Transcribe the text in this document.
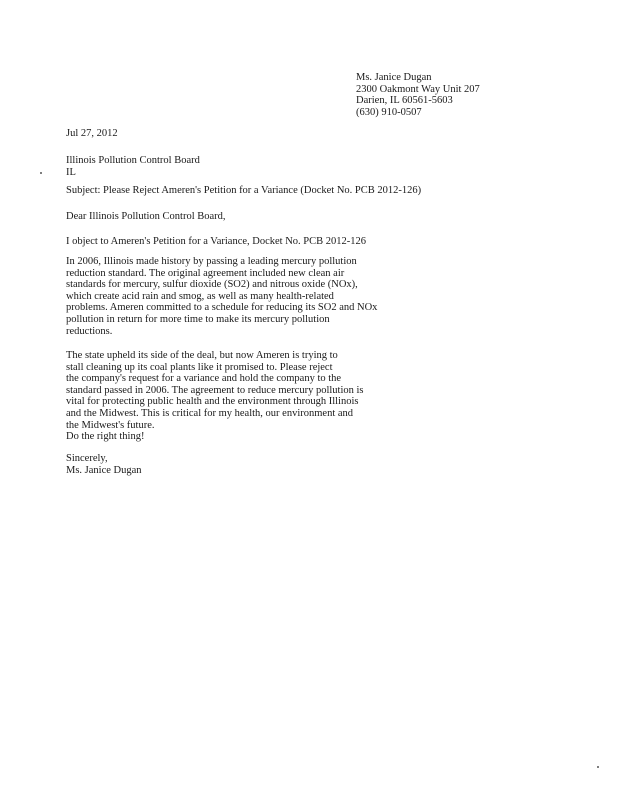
Ms. Janice Dugan
2300 Oakmont Way Unit 207
Darien, IL 60561-5603
(630) 910-0507
Jul 27, 2012
Illinois Pollution Control Board
IL
Subject: Please Reject Ameren's Petition for a Variance (Docket No. PCB 2012-126)
Dear Illinois Pollution Control Board,
I object to Ameren's Petition for a Variance, Docket No. PCB 2012-126
In 2006, Illinois made history by passing a leading mercury pollution
reduction standard. The original agreement included new clean air
standards for mercury, sulfur dioxide (SO2) and nitrous oxide (NOx),
which create acid rain and smog, as well as many health-related
problems. Ameren committed to a schedule for reducing its SO2 and NOx
pollution in return for more time to make its mercury pollution
reductions.
The state upheld its side of the deal, but now Ameren is trying to
stall cleaning up its coal plants like it promised to. Please reject
the company's request for a variance and hold the company to the
standard passed in 2006. The agreement to reduce mercury pollution is
vital for protecting public health and the environment through Illinois
and the Midwest. This is critical for my health, our environment and
the Midwest's future.
Do the right thing!
Sincerely,
Ms. Janice Dugan
